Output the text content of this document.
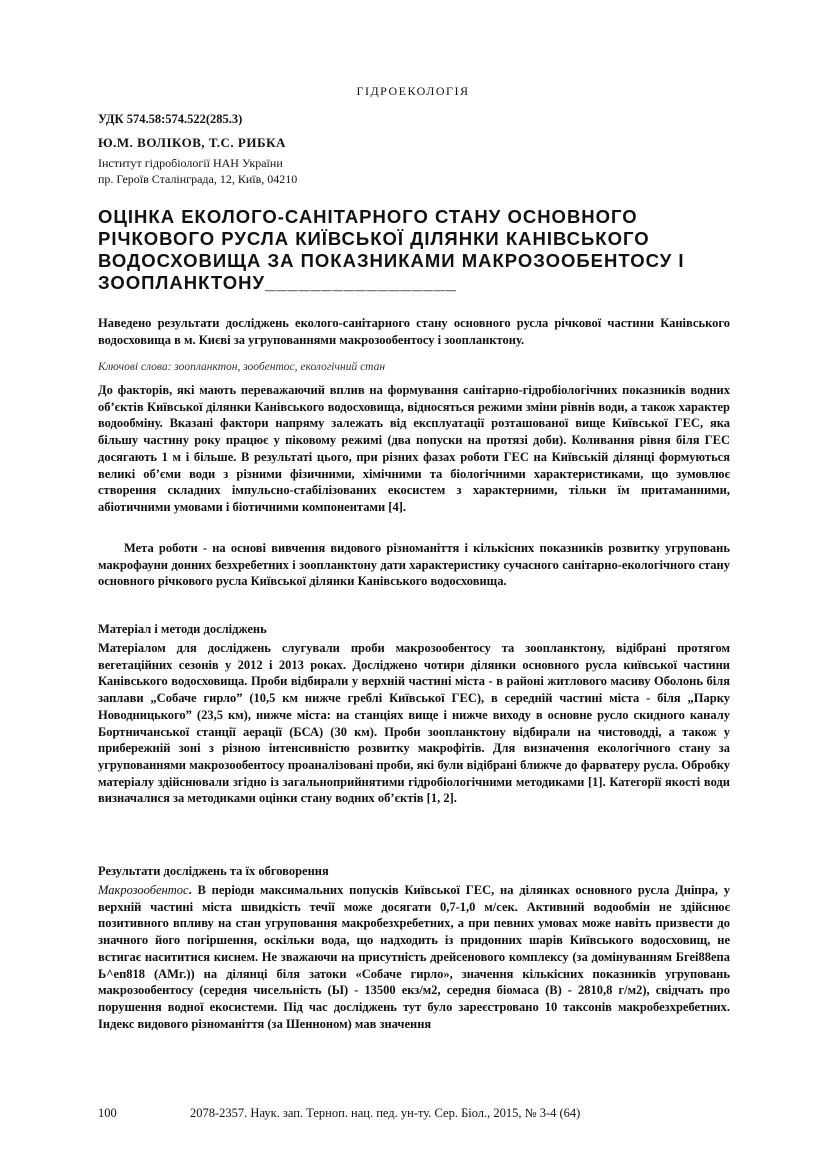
ГІДРОЕКОЛОГІЯ
УДК 574.58:574.522(285.3)
Ю.М. ВОЛІКОВ, Т.С. РИБКА
Інститут гідробіології НАН України
пр. Героїв Сталінграда, 12, Київ, 04210
ОЦІНКА ЕКОЛОГО-САНІТАРНОГО СТАНУ ОСНОВНОГО РІЧКОВОГО РУСЛА КИЇВСЬКОЇ ДІЛЯНКИ КАНІВСЬКОГО ВОДОСХОВИЩА ЗА ПОКАЗНИКАМИ МАКРОЗООБЕНТОСУ І ЗООПЛАНКТОНУ_________________
Наведено результати досліджень еколого-санітарного стану основного русла річкової частини Канівського водосховища в м. Києві за угрупованнями макрозообентосу і зоопланктону.
Ключові слова: зоопланктон, зообентос, екологічний стан
До факторів, які мають переважаючий вплив на формування санітарно-гідробіологічних показників водних об’єктів Київської ділянки Канівського водосховища, відносяться режими зміни рівнів води, а також характер водообміну. Вказані фактори напряму залежать від експлуатації розташованої вище Київської ГЕС, яка більшу частину року працює у піковому режимі (два попуски на протязі доби). Коливання рівня біля ГЕС досягають 1 м і більше. В результаті цього, при різних фазах роботи ГЕС на Київській ділянці формуються великі об’єми води з різними фізичними, хімічними та біологічними характеристиками, що зумовлює створення складних імпульсно-стабілізованих екосистем з характерними, тільки їм притаманними, абіотичними умовами і біотичними компонентами [4].
Мета роботи - на основі вивчення видового різноманіття і кількісних показників розвитку угруповань макрофауни донних безхребетних і зоопланктону дати характеристику сучасного санітарно-екологічного стану основного річкового русла Київської ділянки Канівського водосховища.
Матеріал і методи досліджень
Матеріалом для досліджень слугували проби макрозообентосу та зоопланктону, відібрані протягом вегетаційних сезонів у 2012 і 2013 роках. Досліджено чотири ділянки основного русла київської частини Канівського водосховища. Проби відбирали у верхній частині міста - в районі житлового масиву Оболонь біля заплави „Собаче гирло” (10,5 км нижче греблі Київської ГЕС), в середній частині міста - біля „Парку Новодницького” (23,5 км), нижче міста: на станціях вище і нижче виходу в основне русло скидного каналу Бортничанської станції аерації (БСА) (30 км). Проби зоопланктону відбирали на чистоводді, а також у прибережній зоні з різною інтенсивністю розвитку макрофітів. Для визначення екологічного стану за угрупованнями макрозообентосу проаналізовані проби, які були відібрані ближче до фарватеру русла. Обробку матеріалу здійснювали згідно із загальноприйнятими гідробіологічними методиками [1]. Категорії якості води визначалися за методиками оцінки стану водних об’єктів [1, 2].
Результати досліджень та їх обговорення
Макрозообентос. В періоди максимальних попусків Київської ГЕС, на ділянках основного русла Дніпра, у верхній частині міста швидкість течії може досягати 0,7-1,0 м/сек. Активний водообмін не здійснює позитивного впливу на стан угруповання макробезхребетних, а при певних умовах може навіть призвести до значного його погіршення, оскільки вода, що надходить із придонних шарів Київського водосховищ, не встигає насититися киснем. Не зважаючи на присутність дрейсенового комплексу (за домінуванням Бгеі88епа Ь^еп818 (АМг.)) на ділянці біля затоки «Собаче гирло», значення кількісних показників угруповань макрозообентосу (середня чисельність (Ы) - 13500 екз/м2, середня біомаса (В) - 2810,8 г/м2), свідчать про порушення водної екосистеми. Під час досліджень тут було зареєстровано 10 таксонів макробезхребетних. Індекс видового різноманіття (за Шенноном) мав значення
100	2078-2357. Наук. зап. Терноп. нац. пед. ун-ту. Сер. Біол., 2015, № 3-4 (64)
